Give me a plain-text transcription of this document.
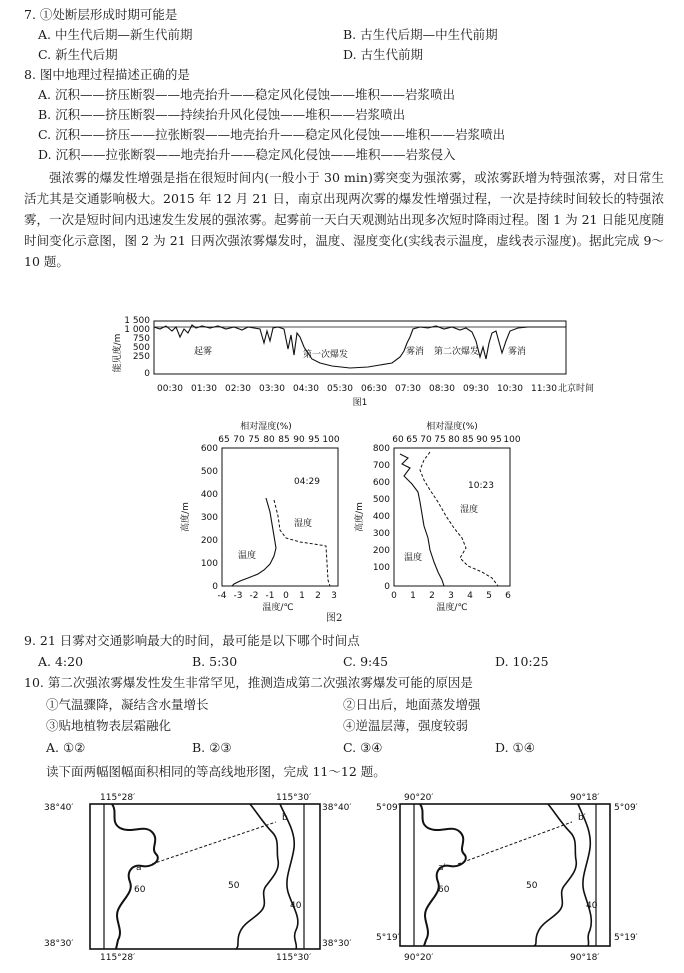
7. ①处断层形成时期可能是
A. 中生代后期—新生代前期	B. 古生代后期—中生代前期
C. 新生代后期	D. 古生代前期
8. 图中地理过程描述正确的是
A. 沉积——挤压断裂——地壳抬升——稳定风化侵蚀——堆积——岩浆喷出
B. 沉积——挤压断裂——持续抬升风化侵蚀——堆积——岩浆喷出
C. 沉积——挤压——拉张断裂——地壳抬升——稳定风化侵蚀——堆积——岩浆喷出
D. 沉积——拉张断裂——地壳抬升——稳定风化侵蚀——堆积——岩浆侵入
强浓雾的爆发性增强是指在很短时间内(一般小于 30 min)雾突变为强浓雾，或浓雾跃增为特强浓雾，对日常生活尤其是交通影响极大。2015 年 12 月 21 日，南京出现两次雾的爆发性增强过程，一次是持续时间较长的特强浓雾，一次是短时间内迅速发生发展的强浓雾。起雾前一天白天观测站出现多次短时降雨过程。图 1 为 21 日能见度随时间变化示意图，图 2 为 21 日两次强浓雾爆发时，温度、湿度变化(实线表示温度，虚线表示湿度)。据此完成 9～10 题。
能见度/m
1 500
1 000
750
500
250
0
起雾	第一次爆发	雾消 第二次爆发	雾消
00:30 01:30 02:30 03:30 04:30 05:30 06:30 07:30 08:30 09:30 10:30 11:30 北京时间
图1
相对湿度(%)
65 70 75 80 85 90 95 100
600
500
400
300
200
100
0
高度/m
04:29
湿度
温度
-4 -3 -2 -1 0 1 2 3
温度/℃
相对湿度(%)
60 65 70 75 80 85 90 95 100
800
700
600
500
400
300
200
100
0
高度/m
10:23
湿度
温度
0 1 2 3 4 5 6
温度/℃
图2
9. 21 日雾对交通影响最大的时间，最可能是以下哪个时间点
A. 4:20	B. 5:30	C. 9:45	D. 10:25
10. 第二次强浓雾爆发性发生非常罕见，推测造成第二次强浓雾爆发可能的原因是
①气温骤降，凝结含水量增长	②日出后，地面蒸发增强
③贴地植物表层霜融化	④逆温层薄，强度较弱
A. ①②	B. ②③	C. ③④	D. ①④
读下面两幅图幅面积相同的等高线地形图，完成 11～12 题。
115°28′	115°30′
38°40′	38°40′
38°30′	38°30′
115°28′	115°30′
a
b
60	50
40
90°20′	90°18′
5°09′	5°09′
5°19′	5°19′
90°20′	90°18′
a′
b′
60	50
40
